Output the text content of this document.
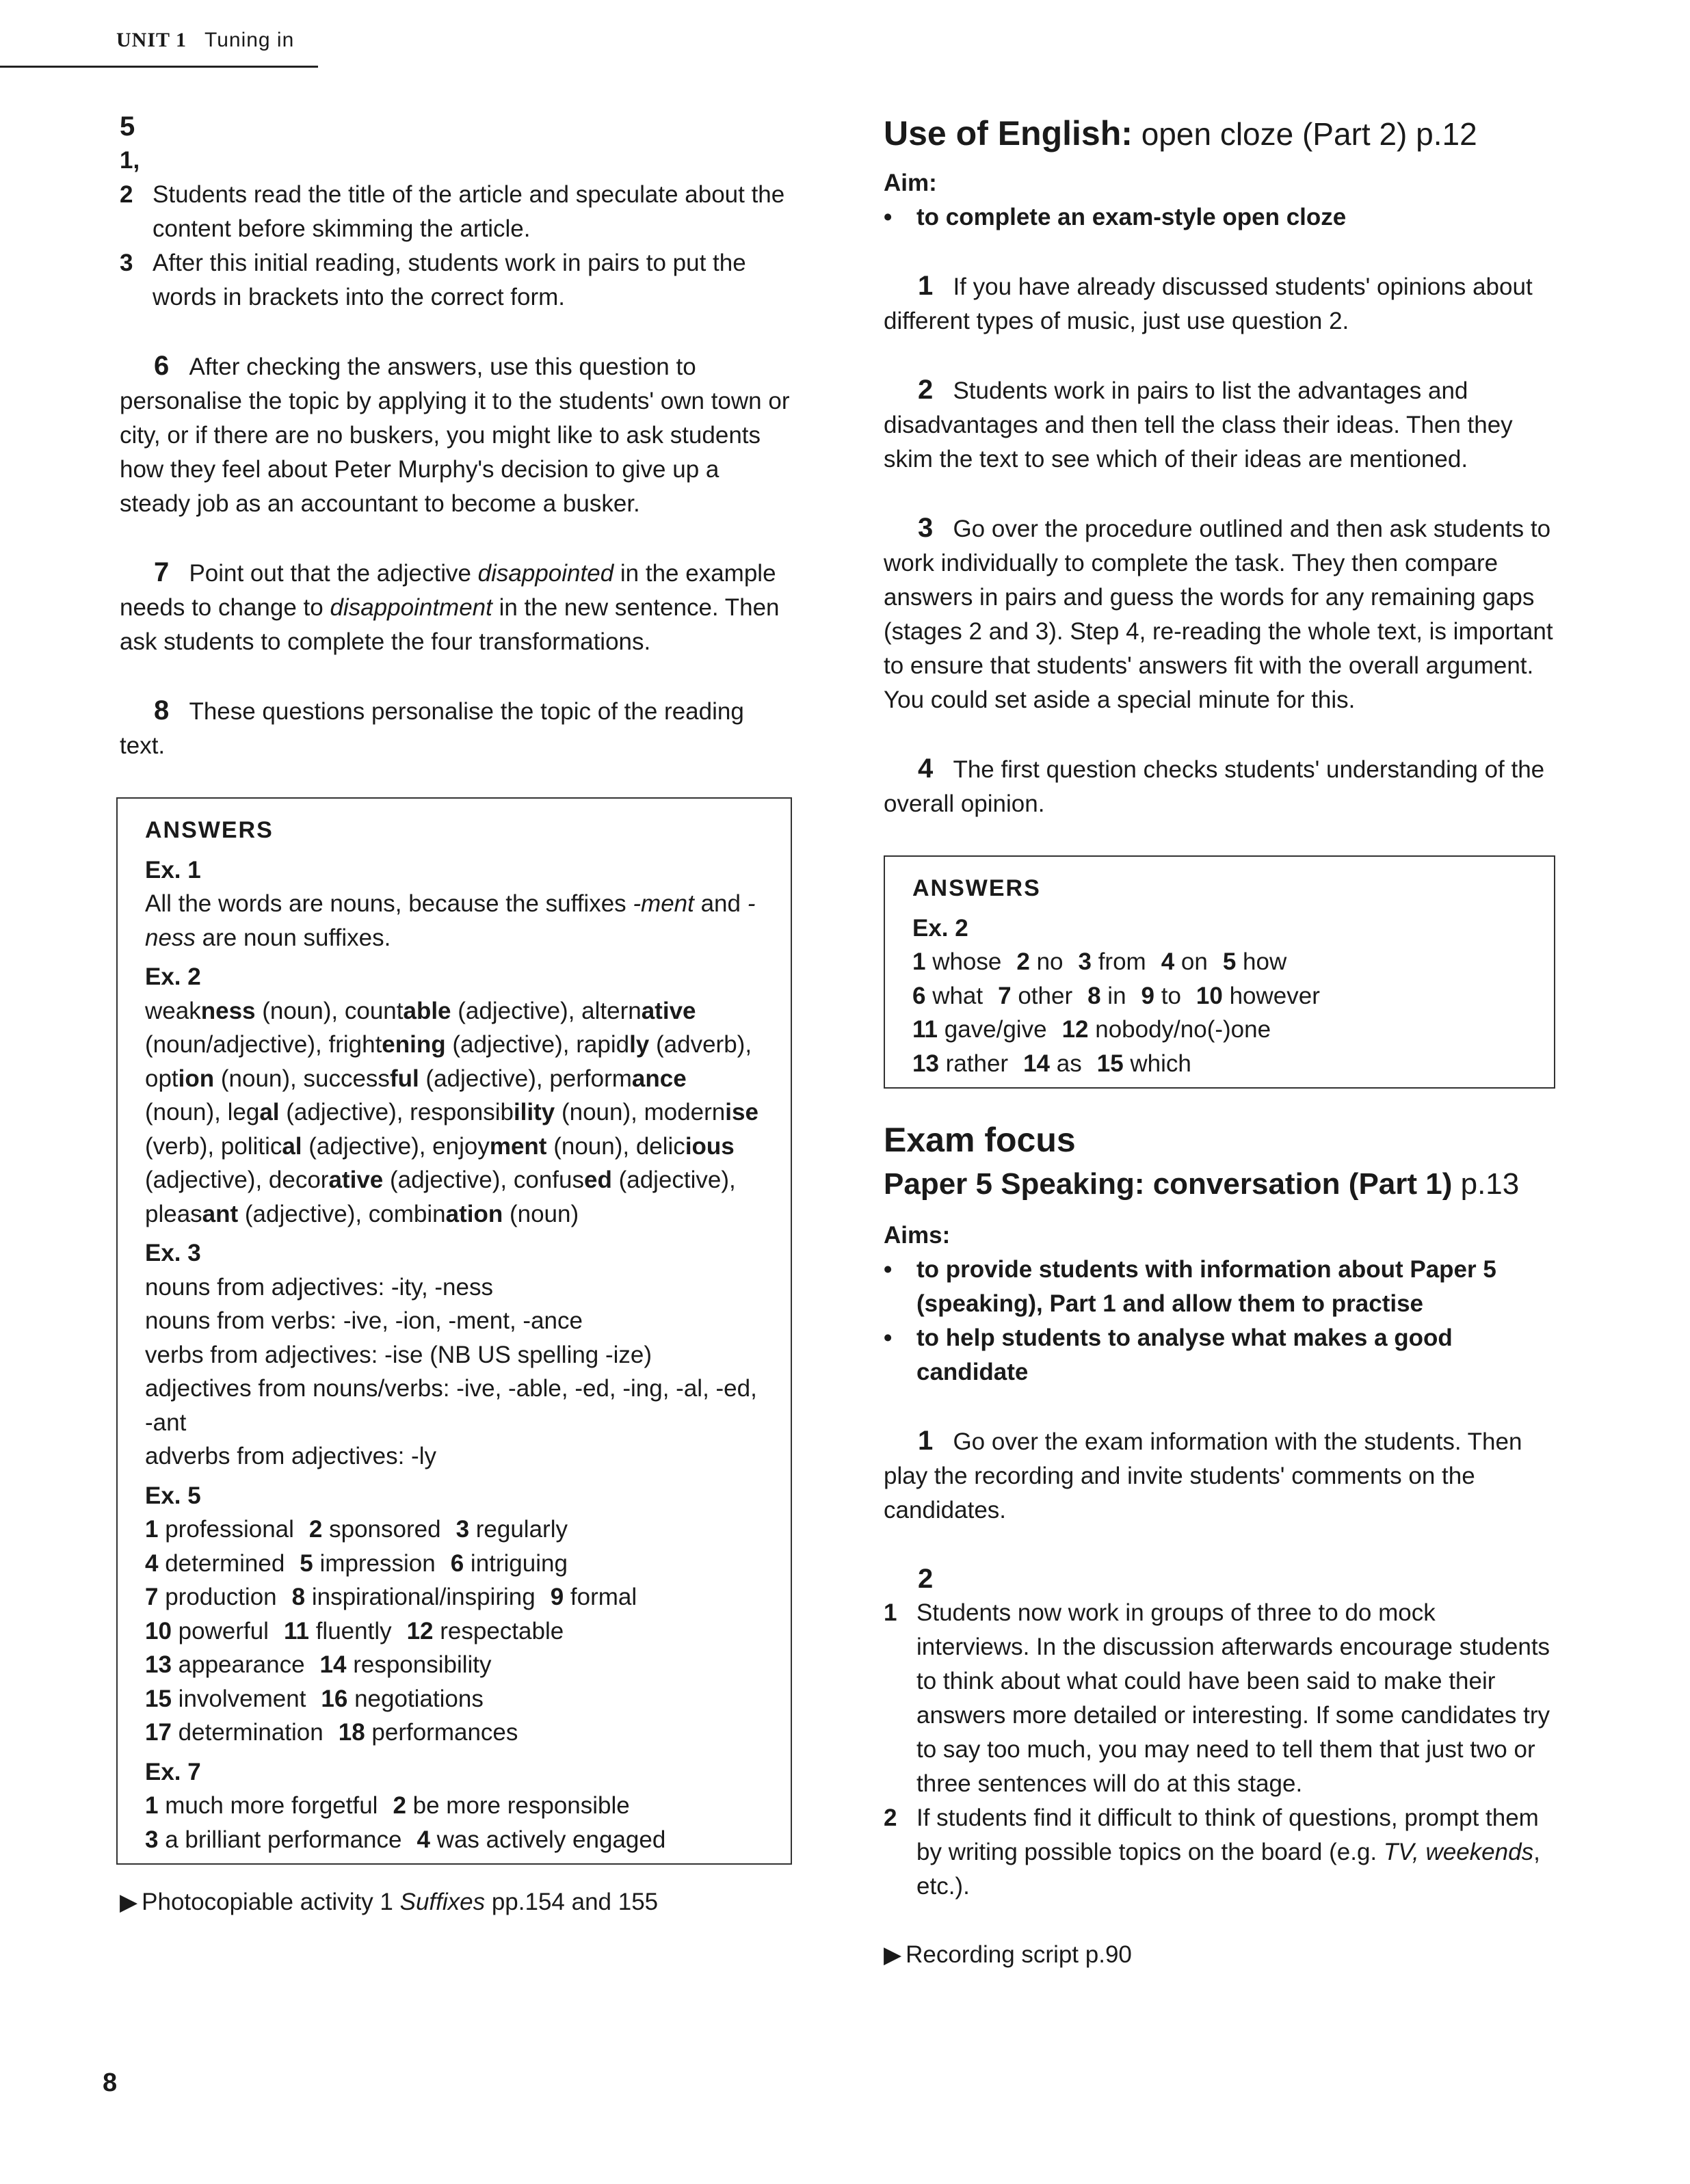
UNIT 1 Tuning in

5

1, 2 Students read the title of the article and speculate about the content before skimming the article.

3 After this initial reading, students work in pairs to put the words in brackets into the correct form.

6 After checking the answers, use this question to personalise the topic by applying it to the students' own town or city, or if there are no buskers, you might like to ask students how they feel about Peter Murphy's decision to give up a steady job as an accountant to become a busker.

7 Point out that the adjective disappointed in the example needs to change to disappointment in the new sentence. Then ask students to complete the four transformations.

8 These questions personalise the topic of the reading text.

ANSWERS
Ex. 1

All the words are nouns, because the suffixes -ment and -ness are noun suffixes.

Ex. 2

weakness (noun), countable (adjective), alternative (noun/adjective), frightening (adjective), rapidly (adverb), option (noun), successful (adjective), performance (noun), legal (adjective), responsibility (noun), modernise (verb), political (adjective), enjoyment (noun), delicious (adjective), decorative (adjective), confused (adjective), pleasant (adjective), combination (noun)

Ex. 3

nouns from adjectives: -ity, -ness

nouns from verbs: -ive, -ion, -ment, -ance

verbs from adjectives: -ise (NB US spelling -ize)

adjectives from nouns/verbs: -ive, -able, -ed, -ing, -al, -ed, -ant

adverbs from adjectives: -ly

Ex. 5

1 professional 2 sponsored 3 regularly

4 determined 5 impression 6 intriguing

7 production 8 inspirational/inspiring 9 formal

10 powerful 11 fluently 12 respectable

13 appearance 14 responsibility

15 involvement 16 negotiations

17 determination 18 performances

Ex. 7

1 much more forgetful 2 be more responsible

3 a brilliant performance 4 was actively engaged

▶ Photocopiable activity 1 Suffixes pp.154 and 155

Use of English: open cloze (Part 2) p.12

Aim:

• to complete an exam-style open cloze

1 If you have already discussed students' opinions about different types of music, just use question 2.

2 Students work in pairs to list the advantages and disadvantages and then tell the class their ideas. Then they skim the text to see which of their ideas are mentioned.

3 Go over the procedure outlined and then ask students to work individually to complete the task. They then compare answers in pairs and guess the words for any remaining gaps (stages 2 and 3). Step 4, re-reading the whole text, is important to ensure that students' answers fit with the overall argument. You could set aside a special minute for this.

4 The first question checks students' understanding of the overall opinion.

ANSWERS
Ex. 2

1 whose 2 no 3 from 4 on 5 how

6 what 7 other 8 in 9 to 10 however

11 gave/give 12 nobody/no(-)one

13 rather 14 as 15 which

Exam focus
Paper 5 Speaking: conversation (Part 1) p.13

Aims:

• to provide students with information about Paper 5 (speaking), Part 1 and allow them to practise

• to help students to analyse what makes a good candidate

1 Go over the exam information with the students. Then play the recording and invite students' comments on the candidates.

2

1 Students now work in groups of three to do mock interviews. In the discussion afterwards encourage students to think about what could have been said to make their answers more detailed or interesting. If some candidates try to say too much, you may need to tell them that just two or three sentences will do at this stage.

2 If students find it difficult to think of questions, prompt them by writing possible topics on the board (e.g. TV, weekends, etc.).

▶ Recording script p.90

8
